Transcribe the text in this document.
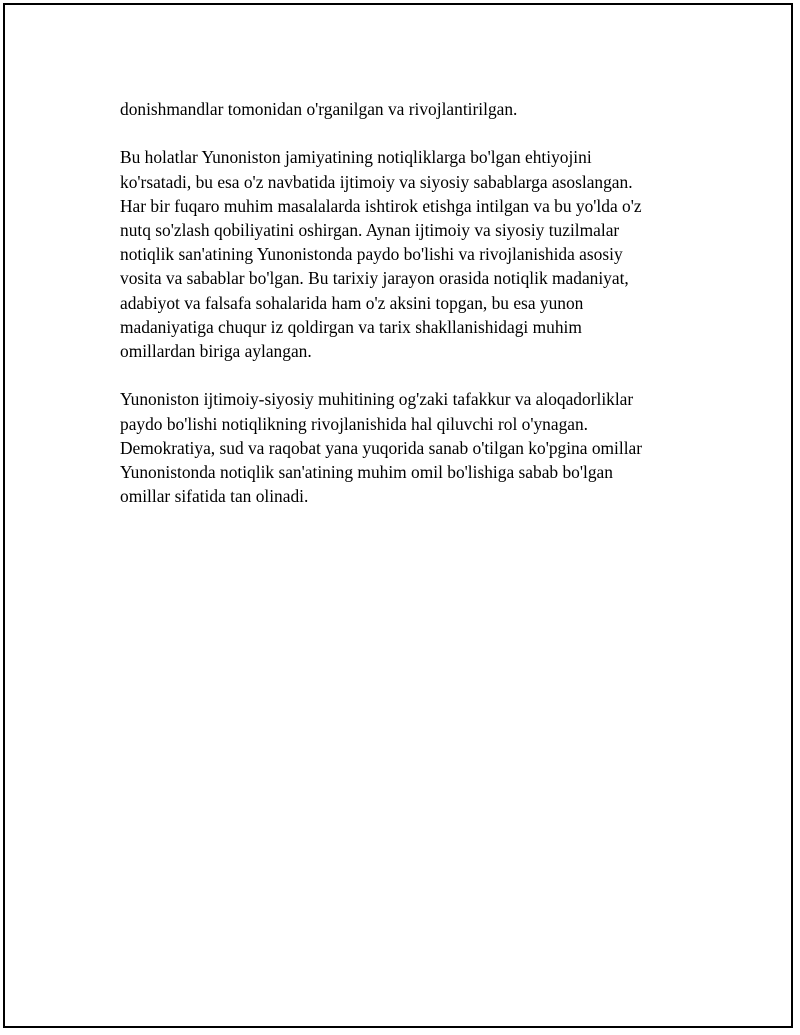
donishmandlar tomonidan o'rganilgan va rivojlantirilgan.

Bu holatlar Yunoniston jamiyatining notiqliklarga bo'lgan ehtiyojini
ko'rsatadi, bu esa o'z navbatida ijtimoiy va siyosiy sabablarga asoslangan.
Har bir fuqaro muhim masalalarda ishtirok etishga intilgan va bu yo'lda o'z
nutq so'zlash qobiliyatini oshirgan. Aynan ijtimoiy va siyosiy tuzilmalar
notiqlik san'atining Yunonistonda paydo bo'lishi va rivojlanishida asosiy
vosita va sabablar bo'lgan. Bu tarixiy jarayon orasida notiqlik madaniyat,
adabiyot va falsafa sohalarida ham o'z aksini topgan, bu esa yunon
madaniyatiga chuqur iz qoldirgan va tarix shakllanishidagi muhim
omillardan biriga aylangan.

Yunoniston ijtimoiy-siyosiy muhitining og'zaki tafakkur va aloqadorliklar
paydo bo'lishi notiqlikning rivojlanishida hal qiluvchi rol o'ynagan.
Demokratiya, sud va raqobat yana yuqorida sanab o'tilgan ko'pgina omillar
Yunonistonda notiqlik san'atining muhim omil bo'lishiga sabab bo'lgan
omillar sifatida tan olinadi.
